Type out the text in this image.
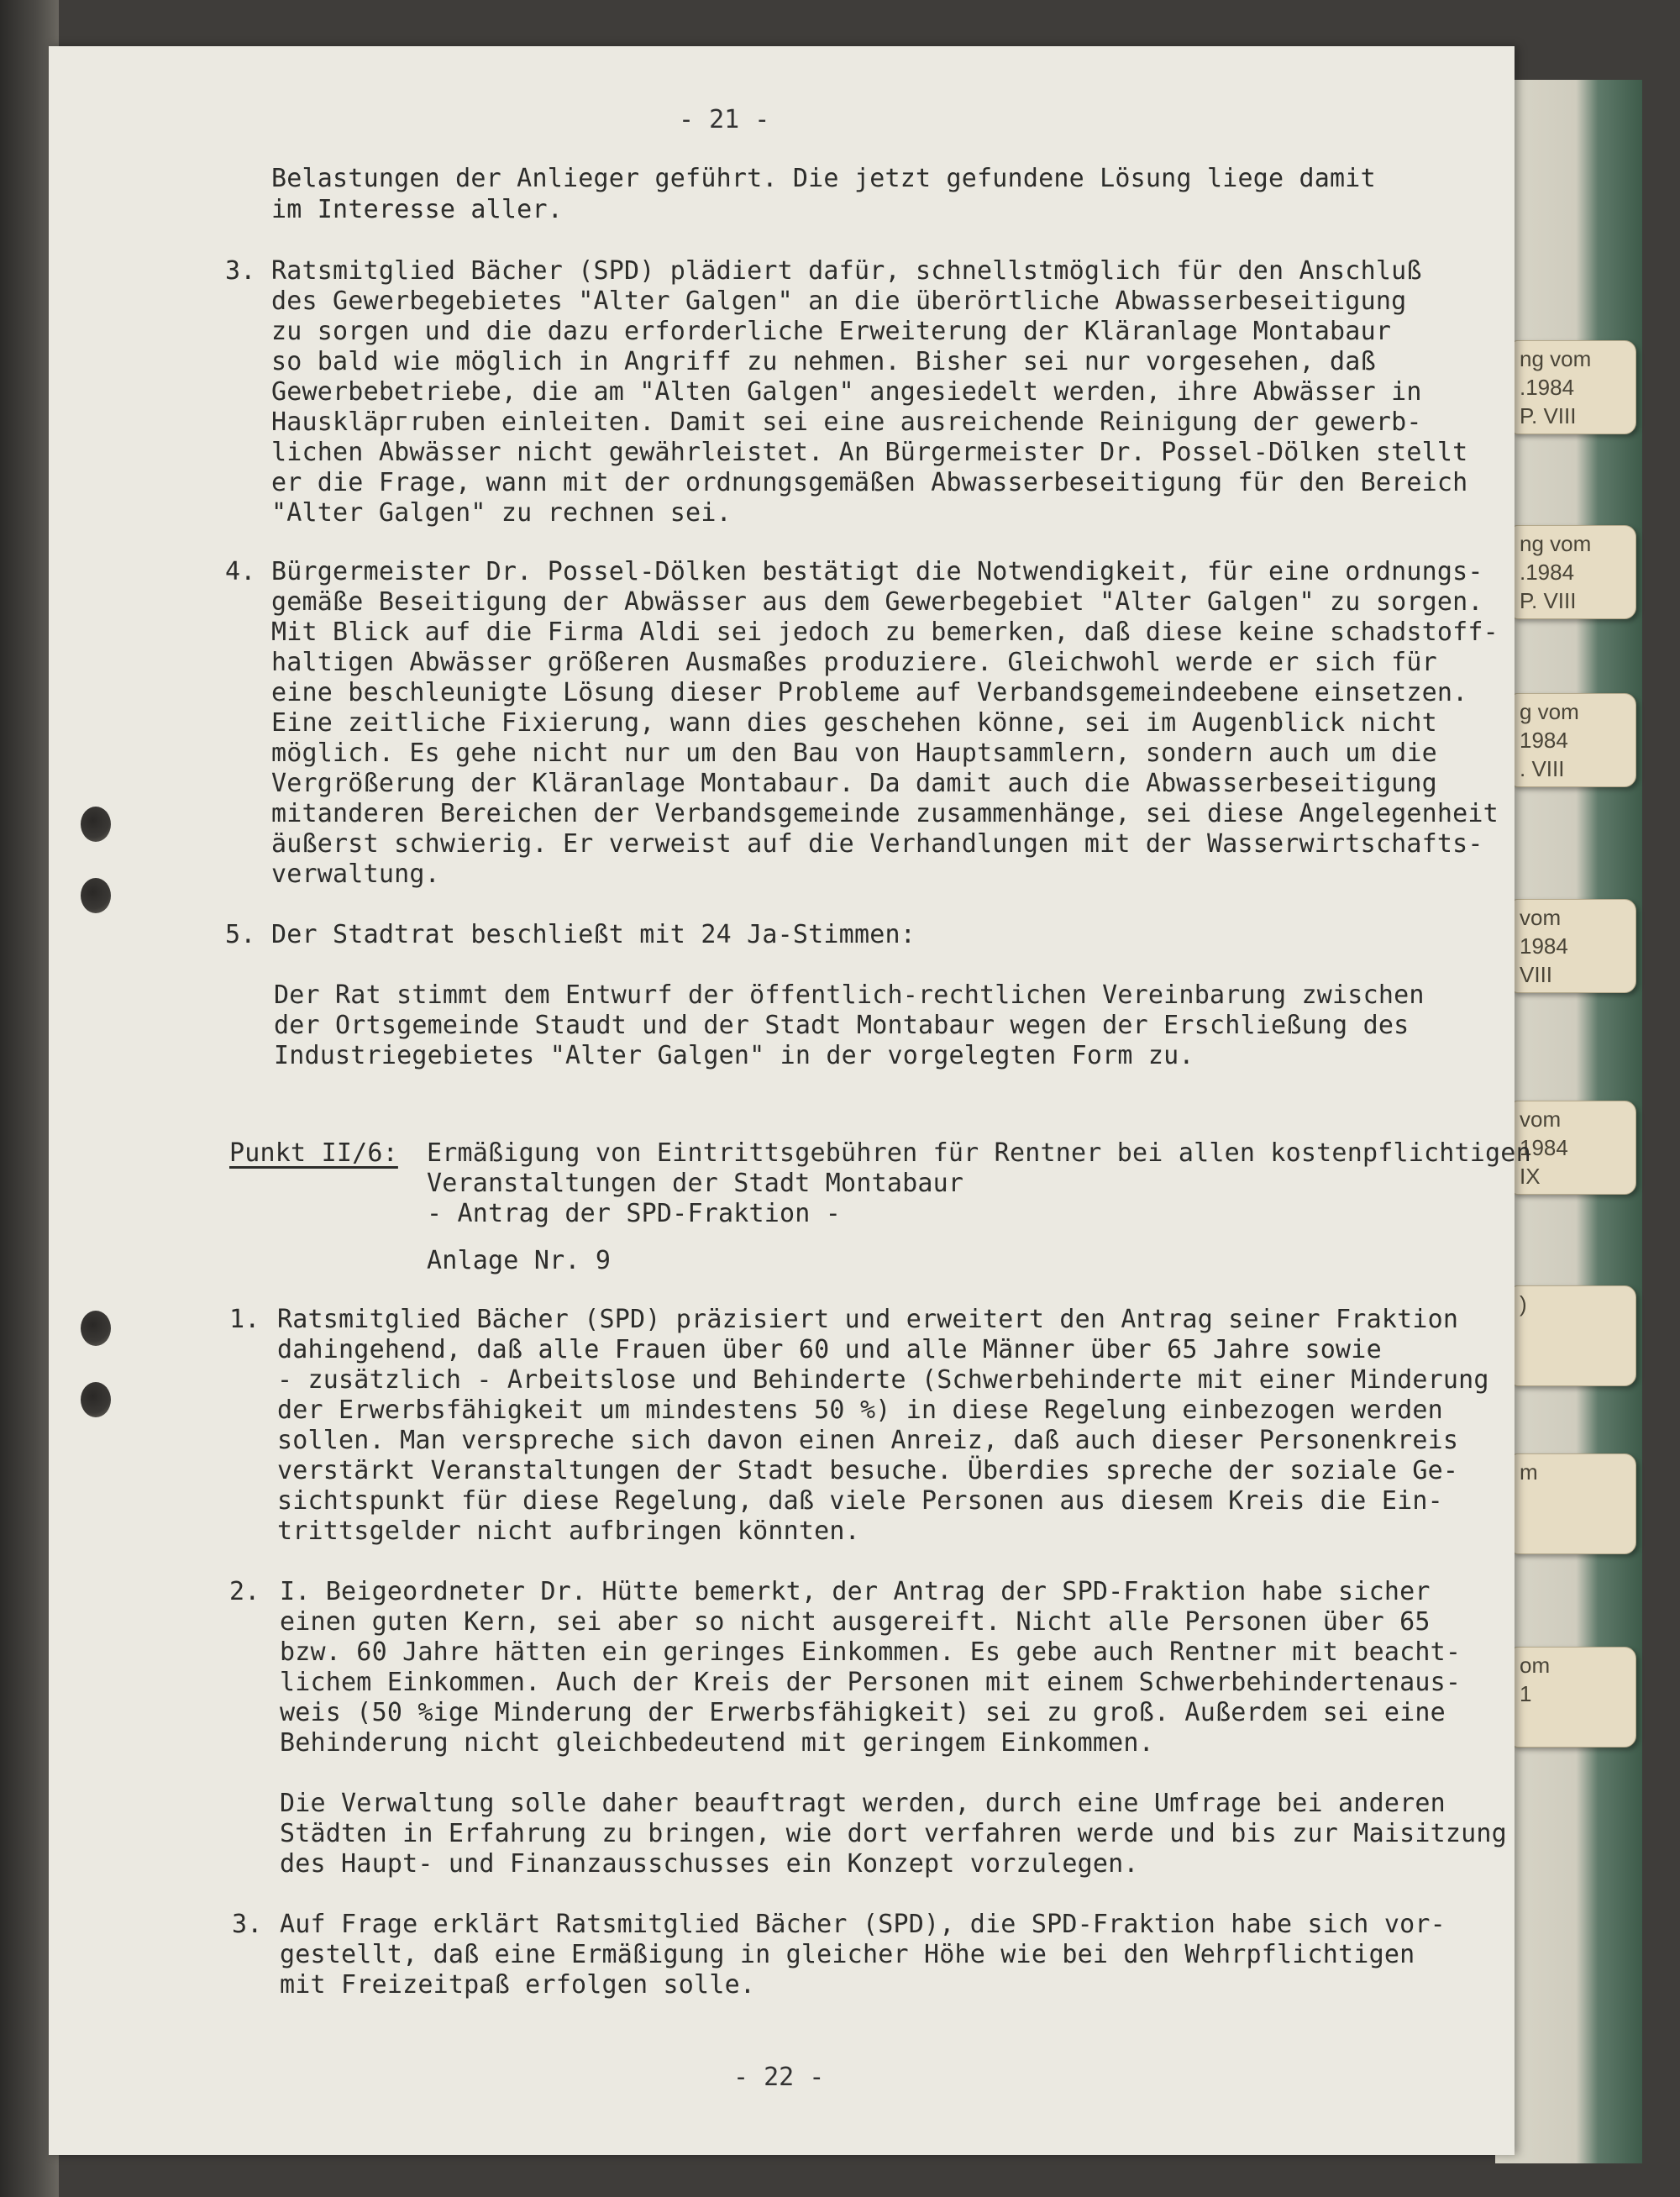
ng vom
.1984
P. VIII
ng vom
.1984
P. VIII
g vom
1984
. VIII
vom
1984
VIII
vom
1984
IX
)
m
om
1
- 21 -
Belastungen der Anlieger geführt. Die jetzt gefundene Lösung liege damit
im Interesse aller.
3. Ratsmitglied Bächer (SPD) plädiert dafür, schnellstmöglich für den Anschluß
des Gewerbegebietes "Alter Galgen" an die überörtliche Abwasserbeseitigung
zu sorgen und die dazu erforderliche Erweiterung der Kläranlage Montabaur
so bald wie möglich in Angriff zu nehmen. Bisher sei nur vorgesehen, daß
Gewerbebetriebe, die am "Alten Galgen" angesiedelt werden, ihre Abwässer in
Hauskläргruben einleiten. Damit sei eine ausreichende Reinigung der gewerb-
lichen Abwässer nicht gewährleistet. An Bürgermeister Dr. Possel-Dölken stellt
er die Frage, wann mit der ordnungsgemäßen Abwasserbeseitigung für den Bereich
"Alter Galgen" zu rechnen sei.
4. Bürgermeister Dr. Possel-Dölken bestätigt die Notwendigkeit, für eine ordnungs-
gemäße Beseitigung der Abwässer aus dem Gewerbegebiet "Alter Galgen" zu sorgen.
Mit Blick auf die Firma Aldi sei jedoch zu bemerken, daß diese keine schadstoff-
haltigen Abwässer größeren Ausmaßes produziere. Gleichwohl werde er sich für
eine beschleunigte Lösung dieser Probleme auf Verbandsgemeindeebene einsetzen.
Eine zeitliche Fixierung, wann dies geschehen könne, sei im Augenblick nicht
möglich. Es gehe nicht nur um den Bau von Hauptsammlern, sondern auch um die
Vergrößerung der Kläranlage Montabaur. Da damit auch die Abwasserbeseitigung
mitanderen Bereichen der Verbandsgemeinde zusammenhänge, sei diese Angelegenheit
äußerst schwierig. Er verweist auf die Verhandlungen mit der Wasserwirtschafts-
verwaltung.
5. Der Stadtrat beschließt mit 24 Ja-Stimmen:
Der Rat stimmt dem Entwurf der öffentlich-rechtlichen Vereinbarung zwischen
der Ortsgemeinde Staudt und der Stadt Montabaur wegen der Erschließung des
Industriegebietes "Alter Galgen" in der vorgelegten Form zu.
Punkt II/6: Ermäßigung von Eintrittsgebühren für Rentner bei allen kostenpflichtigen
Veranstaltungen der Stadt Montabaur
- Antrag der SPD-Fraktion -
Anlage Nr. 9
1. Ratsmitglied Bächer (SPD) präzisiert und erweitert den Antrag seiner Fraktion
dahingehend, daß alle Frauen über 60 und alle Männer über 65 Jahre sowie
- zusätzlich - Arbeitslose und Behinderte (Schwerbehinderte mit einer Minderung
der Erwerbsfähigkeit um mindestens 50 %) in diese Regelung einbezogen werden
sollen. Man verspreche sich davon einen Anreiz, daß auch dieser Personenkreis
verstärkt Veranstaltungen der Stadt besuche. Überdies spreche der soziale Ge-
sichtspunkt für diese Regelung, daß viele Personen aus diesem Kreis die Ein-
trittsgelder nicht aufbringen könnten.
2. I. Beigeordneter Dr. Hütte bemerkt, der Antrag der SPD-Fraktion habe sicher
einen guten Kern, sei aber so nicht ausgereift. Nicht alle Personen über 65
bzw. 60 Jahre hätten ein geringes Einkommen. Es gebe auch Rentner mit beacht-
lichem Einkommen. Auch der Kreis der Personen mit einem Schwerbehindertenaus-
weis (50 %ige Minderung der Erwerbsfähigkeit) sei zu groß. Außerdem sei eine
Behinderung nicht gleichbedeutend mit geringem Einkommen.
Die Verwaltung solle daher beauftragt werden, durch eine Umfrage bei anderen
Städten in Erfahrung zu bringen, wie dort verfahren werde und bis zur Maisitzung
des Haupt- und Finanzausschusses ein Konzept vorzulegen.
3. Auf Frage erklärt Ratsmitglied Bächer (SPD), die SPD-Fraktion habe sich vor-
gestellt, daß eine Ermäßigung in gleicher Höhe wie bei den Wehrpflichtigen
mit Freizeitpaß erfolgen solle.
- 22 -
